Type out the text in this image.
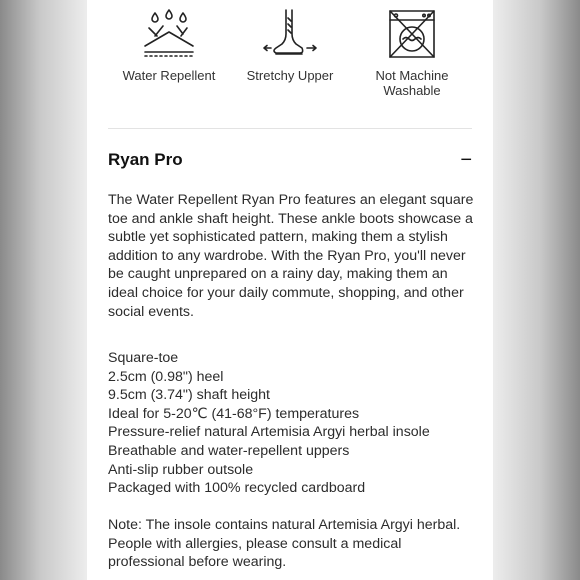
Water Repellent	Stretchy Upper	Not Machine
Washable
Ryan Pro	−
The Water Repellent Ryan Pro features an elegant square toe and ankle shaft height. These ankle boots showcase a subtle yet sophisticated pattern, making them a stylish addition to any wardrobe. With the Ryan Pro, you'll never be caught unprepared on a rainy day, making them an ideal choice for your daily commute, shopping, and other social events.
Square-toe
2.5cm (0.98") heel
9.5cm (3.74") shaft height
Ideal for 5-20℃ (41-68°F) temperatures
Pressure-relief natural Artemisia Argyi herbal insole
Breathable and water-repellent uppers
Anti-slip rubber outsole
Packaged with 100% recycled cardboard
Note: The insole contains natural Artemisia Argyi herbal. People with allergies, please consult a medical professional before wearing.
